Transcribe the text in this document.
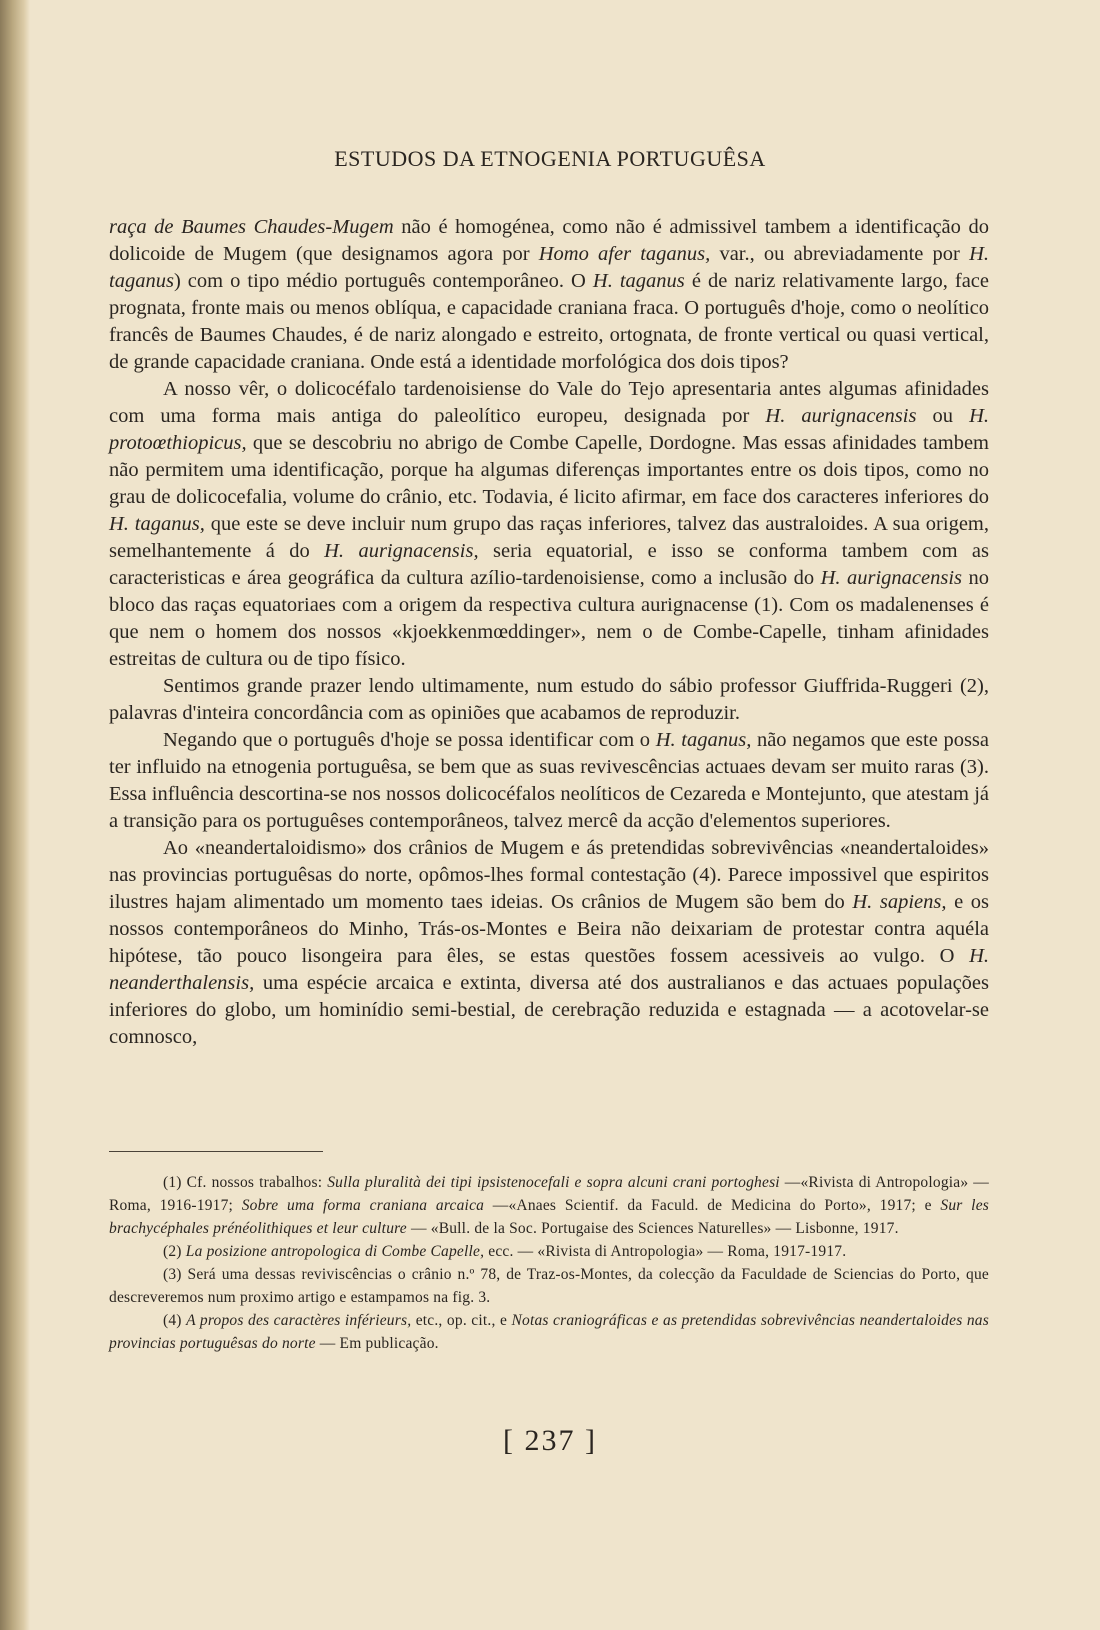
ESTUDOS DA ETNOGENIA PORTUGUÊSA

raça de Baumes Chaudes-Mugem não é homogénea, como não é admissivel tambem a identificação do dolicoide de Mugem (que designamos agora por Homo afer taganus, var., ou abreviadamente por H. taganus) com o tipo médio português contemporâneo. O H. taganus é de nariz relativamente largo, face prognata, fronte mais ou menos oblíqua, e capacidade craniana fraca. O português d'hoje, como o neolítico francês de Baumes Chaudes, é de nariz alongado e estreito, ortognata, de fronte vertical ou quasi vertical, de grande capacidade craniana. Onde está a identidade morfológica dos dois tipos?

A nosso vêr, o dolicocéfalo tardenoisiense do Vale do Tejo apresentaria antes algumas afinidades com uma forma mais antiga do paleolítico europeu, designada por H. aurignacensis ou H. protoœthiopicus, que se descobriu no abrigo de Combe Capelle, Dordogne. Mas essas afinidades tambem não permitem uma identificação, porque ha algumas diferenças importantes entre os dois tipos, como no grau de dolicocefalia, volume do crânio, etc. Todavia, é licito afirmar, em face dos caracteres inferiores do H. taganus, que este se deve incluir num grupo das raças inferiores, talvez das australoides. A sua origem, semelhantemente á do H. aurignacensis, seria equatorial, e isso se conforma tambem com as caracteristicas e área geográfica da cultura azílio-tardenoisiense, como a inclusão do H. aurignacensis no bloco das raças equatoriaes com a origem da respectiva cultura aurignacense (1). Com os madalenenses é que nem o homem dos nossos «kjoekkenmœddinger», nem o de Combe-Capelle, tinham afinidades estreitas de cultura ou de tipo físico.

Sentimos grande prazer lendo ultimamente, num estudo do sábio professor Giuffrida-Ruggeri (2), palavras d'inteira concordância com as opiniões que acabamos de reproduzir.

Negando que o português d'hoje se possa identificar com o H. taganus, não negamos que este possa ter influido na etnogenia portuguêsa, se bem que as suas revivescências actuaes devam ser muito raras (3). Essa influência descortina-se nos nossos dolicocéfalos neolíticos de Cezareda e Montejunto, que atestam já a transição para os portuguêses contemporâneos, talvez mercê da acção d'elementos superiores.

Ao «neandertaloidismo» dos crânios de Mugem e ás pretendidas sobrevivências «neandertaloides» nas provincias portuguêsas do norte, opômos-lhes formal contestação (4). Parece impossivel que espiritos ilustres hajam alimentado um momento taes ideias. Os crânios de Mugem são bem do H. sapiens, e os nossos contemporâneos do Minho, Trás-os-Montes e Beira não deixariam de protestar contra aquéla hipótese, tão pouco lisongeira para êles, se estas questões fossem acessiveis ao vulgo. O H. neanderthalensis, uma espécie arcaica e extinta, diversa até dos australianos e das actuaes populações inferiores do globo, um hominídio semi-bestial, de cerebração reduzida e estagnada — a acotovelar-se comnosco,

(1) Cf. nossos trabalhos: Sulla pluralità dei tipi ipsistenocefali e sopra alcuni crani portoghesi —«Rivista di Antropologia» — Roma, 1916-1917; Sobre uma forma craniana arcaica —«Anaes Scientif. da Faculd. de Medicina do Porto», 1917; e Sur les brachycéphales prénéolithiques et leur culture — «Bull. de la Soc. Portugaise des Sciences Naturelles» — Lisbonne, 1917.

(2) La posizione antropologica di Combe Capelle, ecc. — «Rivista di Antropologia» — Roma, 1917-1917.

(3) Será uma dessas reviviscências o crânio n.º 78, de Traz-os-Montes, da colecção da Faculdade de Sciencias do Porto, que descreveremos num proximo artigo e estampamos na fig. 3.

(4) A propos des caractères inférieurs, etc., op. cit., e Notas craniográficas e as pretendidas sobrevivências neandertaloides nas provincias portuguêsas do norte — Em publicação.

[ 237 ]
